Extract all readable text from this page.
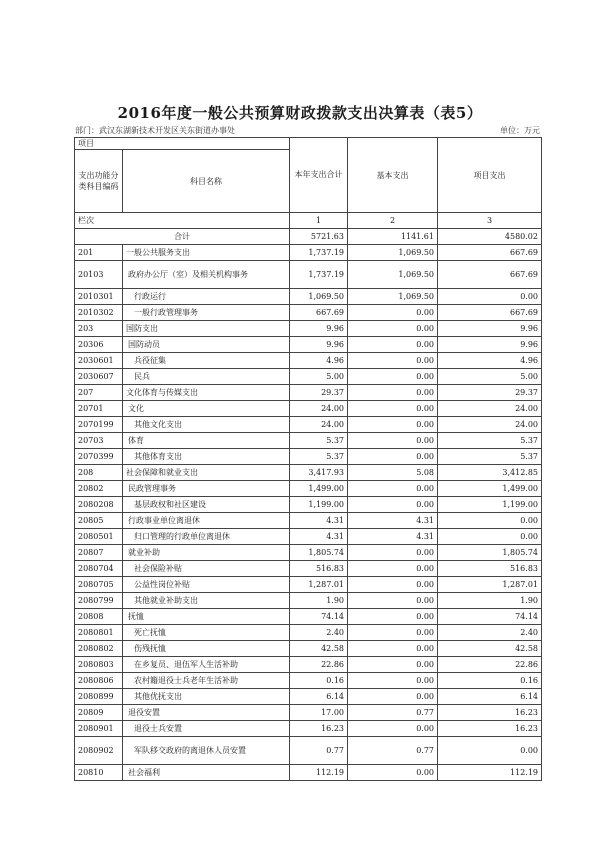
2016年度一般公共预算财政拨款支出决算表（表5）
部门：武汉东湖新技术开发区关东街道办事处	单位：万元
项目		本年支出合计	基本支出	项目支出
支出功能分类科目编码	科目名称			
栏次		1	2	3
合计		5721.63	1141.61	4580.02
201	一般公共服务支出	1,737.19	1,069.50	667.69
20103	政府办公厅（室）及相关机构事务	1,737.19	1,069.50	667.69
2010301	行政运行	1,069.50	1,069.50	0.00
2010302	一般行政管理事务	667.69	0.00	667.69
203	国防支出	9.96	0.00	9.96
20306	国防动员	9.96	0.00	9.96
2030601	兵役征集	4.96	0.00	4.96
2030607	民兵	5.00	0.00	5.00
207	文化体育与传媒支出	29.37	0.00	29.37
20701	文化	24.00	0.00	24.00
2070199	其他文化支出	24.00	0.00	24.00
20703	体育	5.37	0.00	5.37
2070399	其他体育支出	5.37	0.00	5.37
208	社会保障和就业支出	3,417.93	5.08	3,412.85
20802	民政管理事务	1,499.00	0.00	1,499.00
2080208	基层政权和社区建设	1,199.00	0.00	1,199.00
20805	行政事业单位离退休	4.31	4.31	0.00
2080501	归口管理的行政单位离退休	4.31	4.31	0.00
20807	就业补助	1,805.74	0.00	1,805.74
2080704	社会保险补贴	516.83	0.00	516.83
2080705	公益性岗位补贴	1,287.01	0.00	1,287.01
2080799	其他就业补助支出	1.90	0.00	1.90
20808	抚恤	74.14	0.00	74.14
2080801	死亡抚恤	2.40	0.00	2.40
2080802	伤残抚恤	42.58	0.00	42.58
2080803	在乡复员、退伍军人生活补助	22.86	0.00	22.86
2080806	农村籍退役士兵老年生活补助	0.16	0.00	0.16
2080899	其他优抚支出	6.14	0.00	6.14
20809	退役安置	17.00	0.77	16.23
2080901	退役士兵安置	16.23	0.00	16.23
2080902	军队移交政府的离退休人员安置	0.77	0.77	0.00
20810	社会福利	112.19	0.00	112.19
